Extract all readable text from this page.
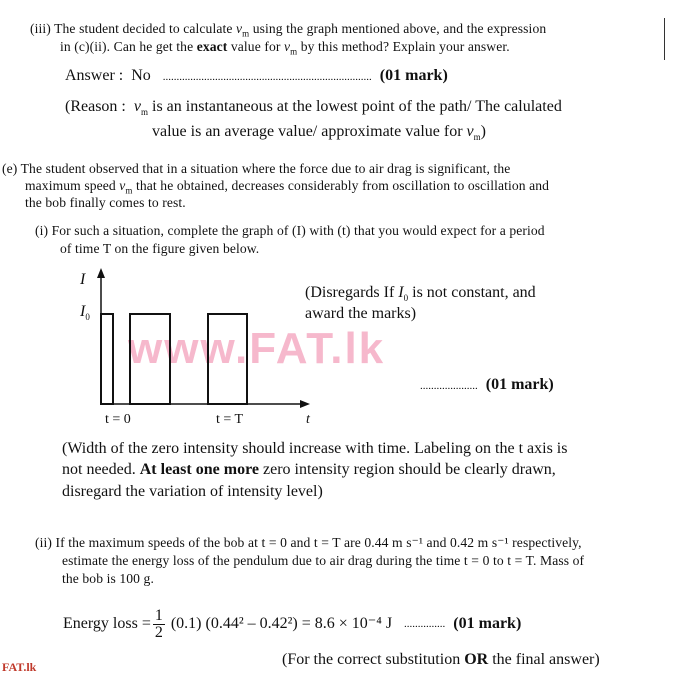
www.FAT.lk
(iii) The student decided to calculate $v_m$ using the graph mentioned above, and the expression
in (c)(ii). Can he get the exact value for $v_m$ by this method? Explain your answer.
Answer : No ............................................................................ (01 mark)
(Reason : $v_m$ is an instantaneous at the lowest point of the path/ The calulated
value is an average value/ approximate value for $v_m$)
(e) The student observed that in a situation where the force due to air drag is significant, the
maximum speed $v_m$ that he obtained, decreases considerably from oscillation to oscillation and
the bob finally comes to rest.
(i) For such a situation, complete the graph of (I) with (t) that you would expect for a period
of time T on the figure given below.
I
$I_0$
t = 0	t = T	t
(Disregards If $I_0$ is not constant, and
award the marks)
..................... (01 mark)
(Width of the zero intensity should increase with time. Labeling on the t axis is
not needed. At least one more zero intensity region should be clearly drawn,
disregard the variation of intensity level)
(ii) If the maximum speeds of the bob at t = 0 and t = T are 0.44 m s⁻¹ and 0.42 m s⁻¹ respectively,
estimate the energy loss of the pendulum due to air drag during the time t = 0 to t = T. Mass of
the bob is 100 g.
Energy loss = $\frac{1}{2} (0.1)$ (0.44² – 0.42²) = 8.6 × 10⁻⁴ J
...............
(01 mark)
(For the correct substitution OR the final answer)
FAT.lk
